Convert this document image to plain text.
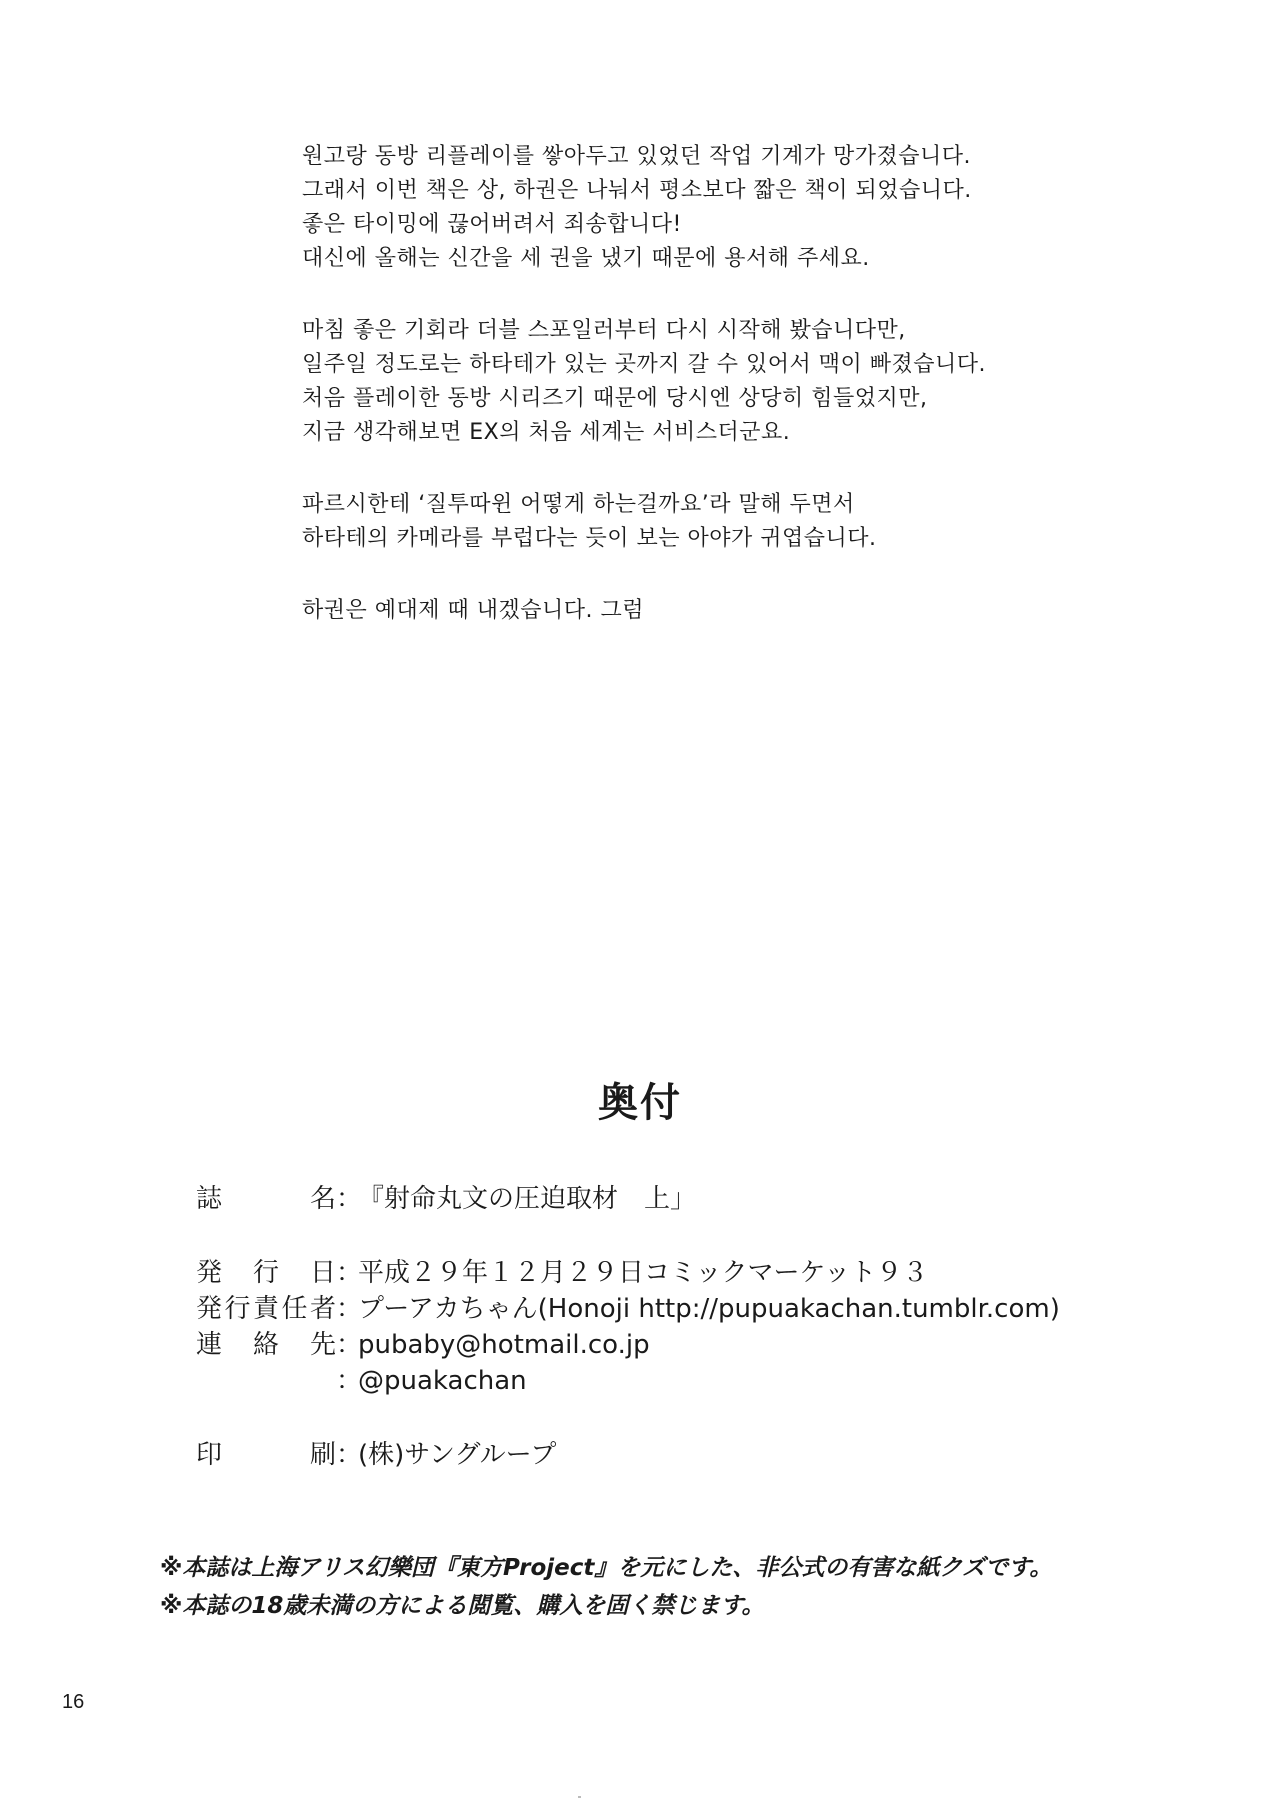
원고랑 동방 리플레이를 쌓아두고 있었던 작업 기계가 망가졌습니다.
그래서 이번 책은 상, 하권은 나눠서 평소보다 짧은 책이 되었습니다.
좋은 타이밍에 끊어버려서 죄송합니다!
대신에 올해는 신간을 세 권을 냈기 때문에 용서해 주세요.
마침 좋은 기회라 더블 스포일러부터 다시 시작해 봤습니다만,
일주일 정도로는 하타테가 있는 곳까지 갈 수 있어서 맥이 빠졌습니다.
처음 플레이한 동방 시리즈기 때문에 당시엔 상당히 힘들었지만,
지금 생각해보면 EX의 처음 세계는 서비스더군요.
파르시한테 ‘질투따윈 어떻게 하는걸까요’라 말해 두면서
하타테의 카메라를 부럽다는 듯이 보는 아야가 귀엽습니다.
하권은 예대제 때 내겠습니다. 그럼
奥付
誌名：『射命丸文の圧迫取材　上」
発行日：平成２９年１２月２９日コミックマーケット９３
発行責任者：プーアカちゃん(Honoji http://pupuakachan.tumblr.com)
連絡先：pubaby@hotmail.co.jp
：@puakachan
印刷：(株)サングループ
※本誌は上海アリス幻樂団『東方Project』を元にした、非公式の有害な紙クズです。
※本誌の18歳未満の方による閲覧、購入を固く禁じます。
16
